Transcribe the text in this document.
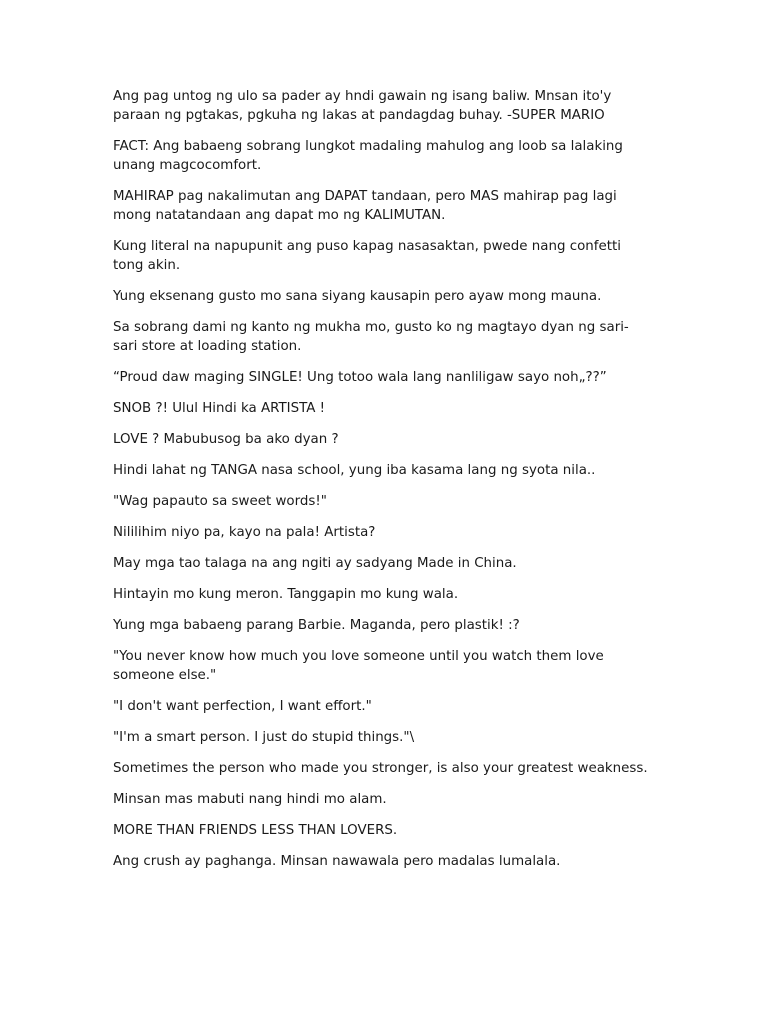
Ang pag untog ng ulo sa pader ay hndi gawain ng isang baliw. Mnsan ito'y paraan ng pgtakas, pgkuha ng lakas at pandagdag buhay. -SUPER MARIO

FACT: Ang babaeng sobrang lungkot madaling mahulog ang loob sa lalaking unang magcocomfort.

MAHIRAP pag nakalimutan ang DAPAT tandaan, pero MAS mahirap pag lagi mong natatandaan ang dapat mo ng KALIMUTAN.

Kung literal na napupunit ang puso kapag nasasaktan, pwede nang confetti tong akin.

Yung eksenang gusto mo sana siyang kausapin pero ayaw mong mauna.

Sa sobrang dami ng kanto ng mukha mo, gusto ko ng magtayo dyan ng sari-sari store at loading station.

“Proud daw maging SINGLE! Ung totoo wala lang nanliligaw sayo noh„??”

SNOB ?! Ulul Hindi ka ARTISTA !

LOVE ? Mabubusog ba ako dyan ?

Hindi lahat ng TANGA nasa school, yung iba kasama lang ng syota nila..

"Wag papauto sa sweet words!"

Nililihim niyo pa, kayo na pala! Artista?

May mga tao talaga na ang ngiti ay sadyang Made in China.

Hintayin mo kung meron. Tanggapin mo kung wala.

Yung mga babaeng parang Barbie. Maganda, pero plastik! :?

"You never know how much you love someone until you watch them love someone else."

"I don't want perfection, I want effort."

"I'm a smart person. I just do stupid things."\

Sometimes the person who made you stronger, is also your greatest weakness.

Minsan mas mabuti nang hindi mo alam.

MORE THAN FRIENDS LESS THAN LOVERS.

Ang crush ay paghanga. Minsan nawawala pero madalas lumalala.
